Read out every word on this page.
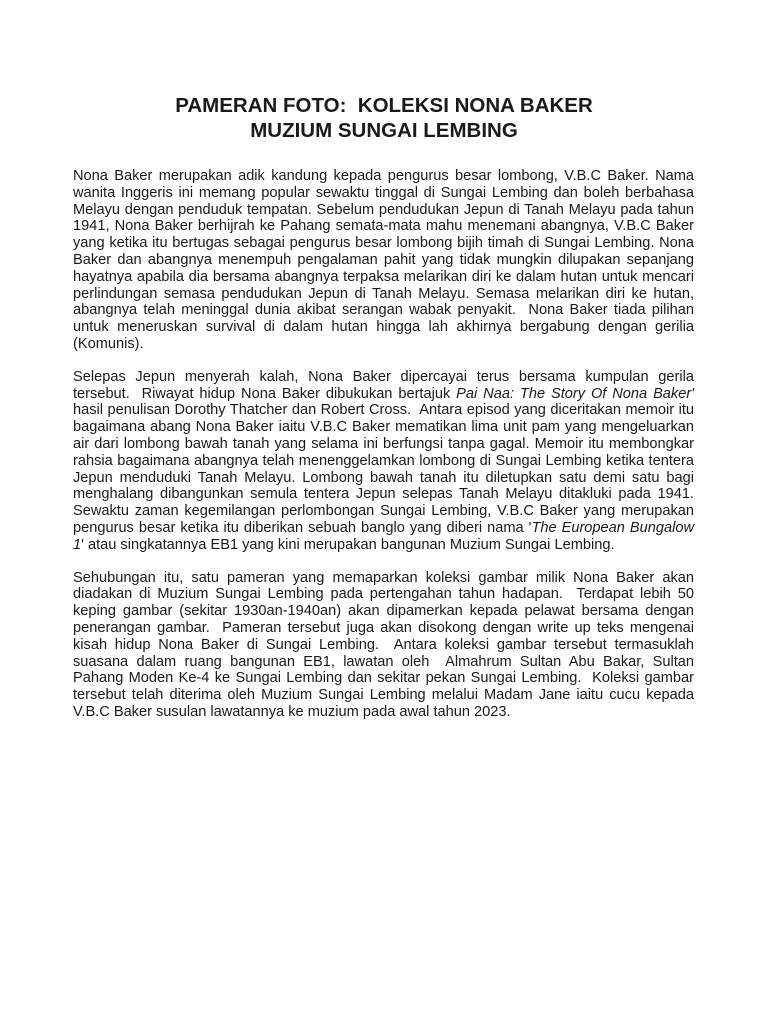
PAMERAN FOTO:  KOLEKSI NONA BAKER
MUZIUM SUNGAI LEMBING

Nona Baker merupakan adik kandung kepada pengurus besar lombong, V.B.C Baker. Nama wanita Inggeris ini memang popular sewaktu tinggal di Sungai Lembing dan boleh berbahasa Melayu dengan penduduk tempatan. Sebelum pendudukan Jepun di Tanah Melayu pada tahun 1941, Nona Baker berhijrah ke Pahang semata-mata mahu menemani abangnya, V.B.C Baker yang ketika itu bertugas sebagai pengurus besar lombong bijih timah di Sungai Lembing. Nona Baker dan abangnya menempuh pengalaman pahit yang tidak mungkin dilupakan sepanjang hayatnya apabila dia bersama abangnya terpaksa melarikan diri ke dalam hutan untuk mencari perlindungan semasa pendudukan Jepun di Tanah Melayu. Semasa melarikan diri ke hutan, abangnya telah meninggal dunia akibat serangan wabak penyakit.  Nona Baker tiada pilihan untuk meneruskan survival di dalam hutan hingga lah akhirnya bergabung dengan gerilia (Komunis).

Selepas Jepun menyerah kalah, Nona Baker dipercayai terus bersama kumpulan gerila tersebut.  Riwayat hidup Nona Baker dibukukan bertajuk Pai Naa: The Story Of Nona Baker' hasil penulisan Dorothy Thatcher dan Robert Cross.  Antara episod yang diceritakan memoir itu bagaimana abang Nona Baker iaitu V.B.C Baker mematikan lima unit pam yang mengeluarkan air dari lombong bawah tanah yang selama ini berfungsi tanpa gagal. Memoir itu membongkar rahsia bagaimana abangnya telah menenggelamkan lombong di Sungai Lembing ketika tentera Jepun menduduki Tanah Melayu. Lombong bawah tanah itu diletupkan satu demi satu bagi menghalang dibangunkan semula tentera Jepun selepas Tanah Melayu ditakluki pada 1941. Sewaktu zaman kegemilangan perlombongan Sungai Lembing, V.B.C Baker yang merupakan pengurus besar ketika itu diberikan sebuah banglo yang diberi nama 'The European Bungalow 1' atau singkatannya EB1 yang kini merupakan bangunan Muzium Sungai Lembing.

Sehubungan itu, satu pameran yang memaparkan koleksi gambar milik Nona Baker akan diadakan di Muzium Sungai Lembing pada pertengahan tahun hadapan.  Terdapat lebih 50 keping gambar (sekitar 1930an-1940an) akan dipamerkan kepada pelawat bersama dengan penerangan gambar.  Pameran tersebut juga akan disokong dengan write up teks mengenai kisah hidup Nona Baker di Sungai Lembing.  Antara koleksi gambar tersebut termasuklah suasana dalam ruang bangunan EB1, lawatan oleh  Almahrum Sultan Abu Bakar, Sultan Pahang Moden Ke-4 ke Sungai Lembing dan sekitar pekan Sungai Lembing.  Koleksi gambar tersebut telah diterima oleh Muzium Sungai Lembing melalui Madam Jane iaitu cucu kepada V.B.C Baker susulan lawatannya ke muzium pada awal tahun 2023.
